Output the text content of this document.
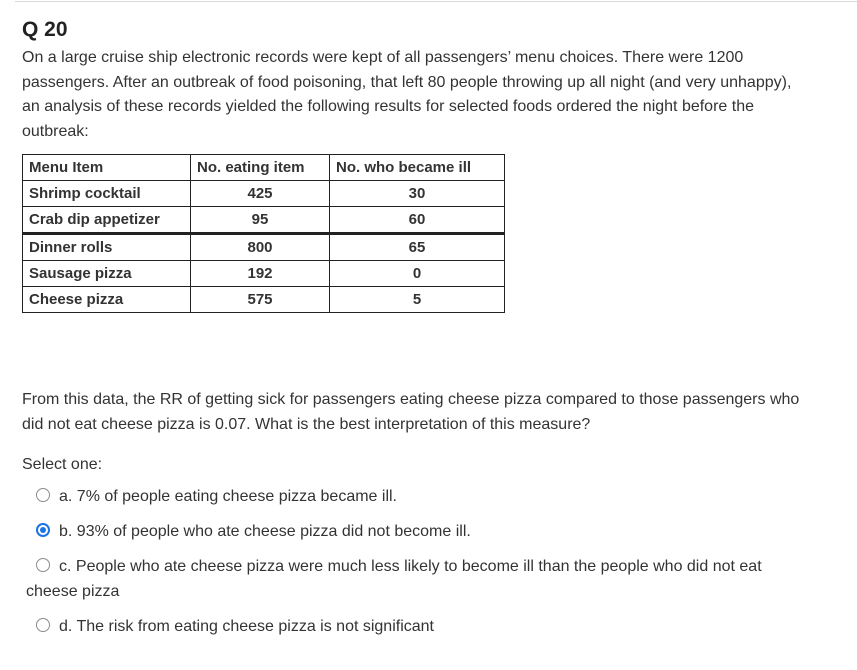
Q 20

On a large cruise ship electronic records were kept of all passengers’ menu choices. There were 1200 passengers. After an outbreak of food poisoning, that left 80 people throwing up all night (and very unhappy), an analysis of these records yielded the following results for selected foods ordered the night before the outbreak:

Menu Item	No. eating item	No. who became ill
Shrimp cocktail	425	30
Crab dip appetizer	95	60
Dinner rolls	800	65
Sausage pizza	192	0
Cheese pizza	575	5

From this data, the RR of getting sick for passengers eating cheese pizza compared to those passengers who did not eat cheese pizza is 0.07. What is the best interpretation of this measure?

Select one:

a. 7% of people eating cheese pizza became ill.
b. 93% of people who ate cheese pizza did not become ill.
c. People who ate cheese pizza were much less likely to become ill than the people who did not eat cheese pizza
d. The risk from eating cheese pizza is not significant
